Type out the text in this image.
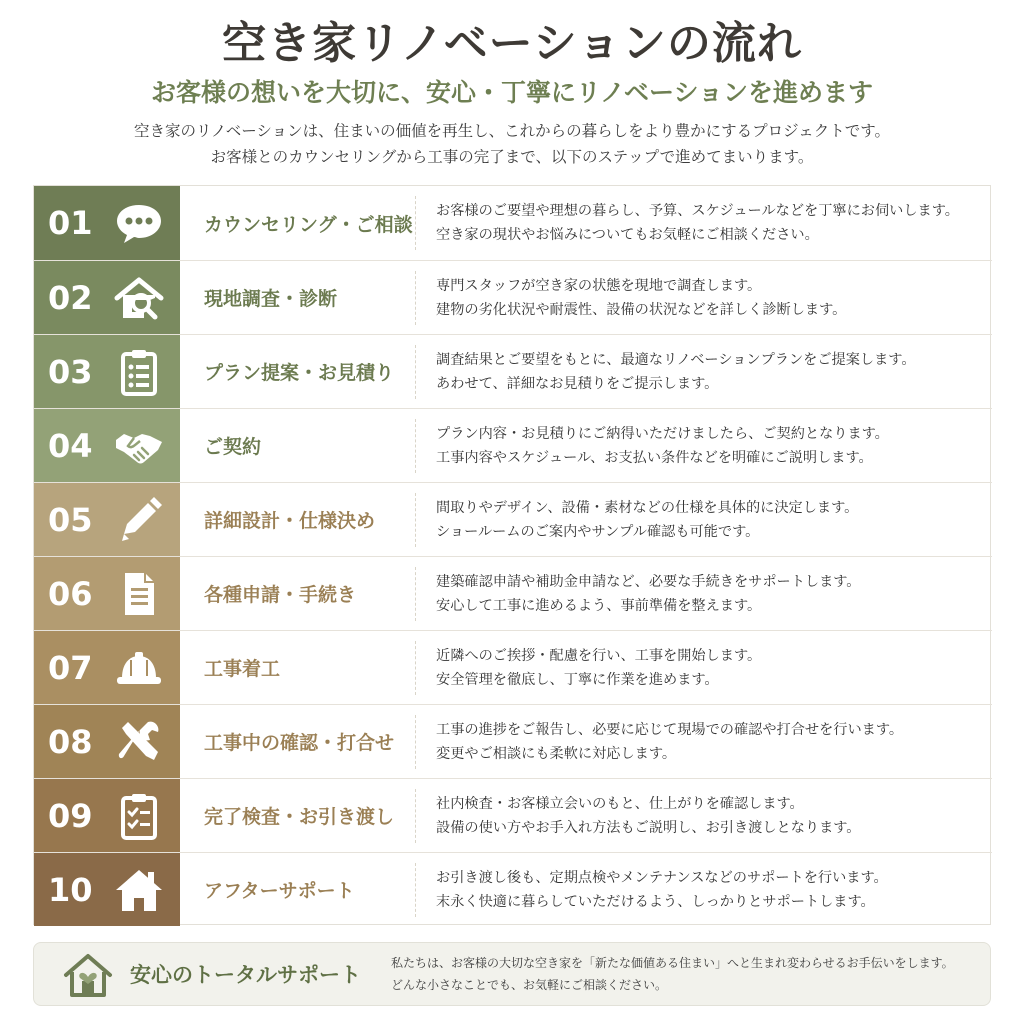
空き家リノベーションの流れ
お客様の想いを大切に、安心・丁寧にリノベーションを進めます
空き家のリノベーションは、住まいの価値を再生し、これからの暮らしをより豊かにするプロジェクトです。
お客様とのカウンセリングから工事の完了まで、以下のステップで進めてまいります。
01	カウンセリング・ご相談
お客様のご要望や理想の暮らし、予算、スケジュールなどを丁寧にお伺いします。
空き家の現状やお悩みについてもお気軽にご相談ください。
02	現地調査・診断
専門スタッフが空き家の状態を現地で調査します。
建物の劣化状況や耐震性、設備の状況などを詳しく診断します。
03	プラン提案・お見積り
調査結果とご要望をもとに、最適なリノベーションプランをご提案します。
あわせて、詳細なお見積りをご提示します。
04	ご契約
プラン内容・お見積りにご納得いただけましたら、ご契約となります。
工事内容やスケジュール、お支払い条件などを明確にご説明します。
05	詳細設計・仕様決め
間取りやデザイン、設備・素材などの仕様を具体的に決定します。
ショールームのご案内やサンプル確認も可能です。
06	各種申請・手続き
建築確認申請や補助金申請など、必要な手続きをサポートします。
安心して工事に進めるよう、事前準備を整えます。
07	工事着工
近隣へのご挨拶・配慮を行い、工事を開始します。
安全管理を徹底し、丁寧に作業を進めます。
08	工事中の確認・打合せ
工事の進捗をご報告し、必要に応じて現場での確認や打合せを行います。
変更やご相談にも柔軟に対応します。
09	完了検査・お引き渡し
社内検査・お客様立会いのもと、仕上がりを確認します。
設備の使い方やお手入れ方法もご説明し、お引き渡しとなります。
10	アフターサポート
お引き渡し後も、定期点検やメンテナンスなどのサポートを行います。
末永く快適に暮らしていただけるよう、しっかりとサポートします。
安心のトータルサポート	私たちは、お客様の大切な空き家を「新たな価値ある住まい」へと生まれ変わらせるお手伝いをします。
どんな小さなことでも、お気軽にご相談ください。
